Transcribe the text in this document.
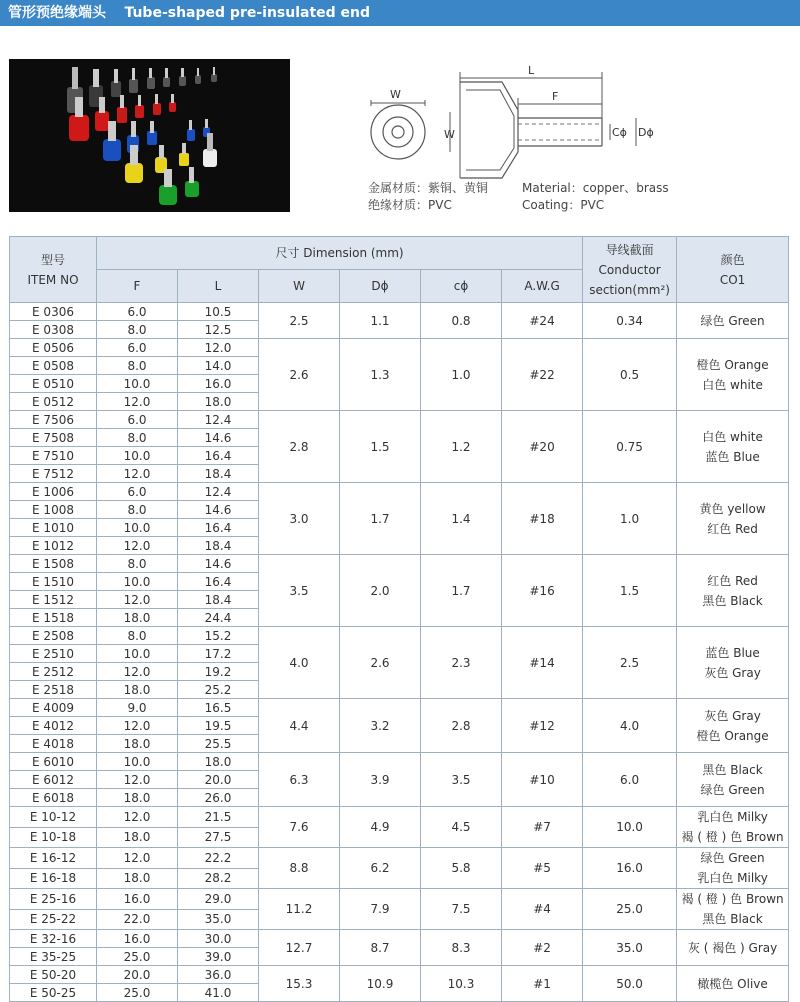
管形预绝缘端头 Tube-shaped pre-insulated end
W
L
F
W	Cϕ Dϕ
金属材质：紫铜、黄铜
绝缘材质：PVC
Material：copper、brass
Coating：PVC
型号
ITEM NO	尺寸 Dimension (mm)						导线截面
Conductor
section(mm²)	颜色
CO1

	F	L	W	Dϕ	cϕ	A.W.G		
E 0306	6.0	10.5	2.5	1.1	0.8	#24	0.34	绿色 Green

E 0308	8.0	12.5						
E 0506	6.0	12.0	2.6	1.3	1.0	#22	0.5	橙色 Orange
白色 white

E 0508	8.0	14.0						
E 0510	10.0	16.0						
E 0512	12.0	18.0						
E 7506	6.0	12.4	2.8	1.5	1.2	#20	0.75	白色 white
蓝色 Blue

E 7508	8.0	14.6						
E 7510	10.0	16.4						
E 7512	12.0	18.4						
E 1006	6.0	12.4	3.0	1.7	1.4	#18	1.0	黄色 yellow
红色 Red

E 1008	8.0	14.6						
E 1010	10.0	16.4						
E 1012	12.0	18.4						
E 1508	8.0	14.6	3.5	2.0	1.7	#16	1.5	红色 Red
黑色 Black

E 1510	10.0	16.4						
E 1512	12.0	18.4						
E 1518	18.0	24.4						
E 2508	8.0	15.2	4.0	2.6	2.3	#14	2.5	蓝色 Blue
灰色 Gray

E 2510	10.0	17.2						
E 2512	12.0	19.2						
E 2518	18.0	25.2						
E 4009	9.0	16.5	4.4	3.2	2.8	#12	4.0	灰色 Gray
橙色 Orange

E 4012	12.0	19.5						
E 4018	18.0	25.5						
E 6010	10.0	18.0	6.3	3.9	3.5	#10	6.0	黑色 Black
绿色 Green

E 6012	12.0	20.0						
E 6018	18.0	26.0						
E 10-12	12.0	21.5	7.6	4.9	4.5	#7	10.0	乳白色 Milky
褐 ( 橙 ) 色 Brown

E 10-18	18.0	27.5						
E 16-12	12.0	22.2	8.8	6.2	5.8	#5	16.0	绿色 Green
乳白色 Milky

E 16-18	18.0	28.2						
E 25-16	16.0	29.0	11.2	7.9	7.5	#4	25.0	褐 ( 橙 ) 色 Brown
黑色 Black

E 25-22	22.0	35.0						
E 32-16	16.0	30.0	12.7	8.7	8.3	#2	35.0	灰 ( 褐色 ) Gray

E 35-25	25.0	39.0						
E 50-20	20.0	36.0	15.3	10.9	10.3	#1	50.0	橄榄色 Olive

E 50-25	25.0	41.0						
